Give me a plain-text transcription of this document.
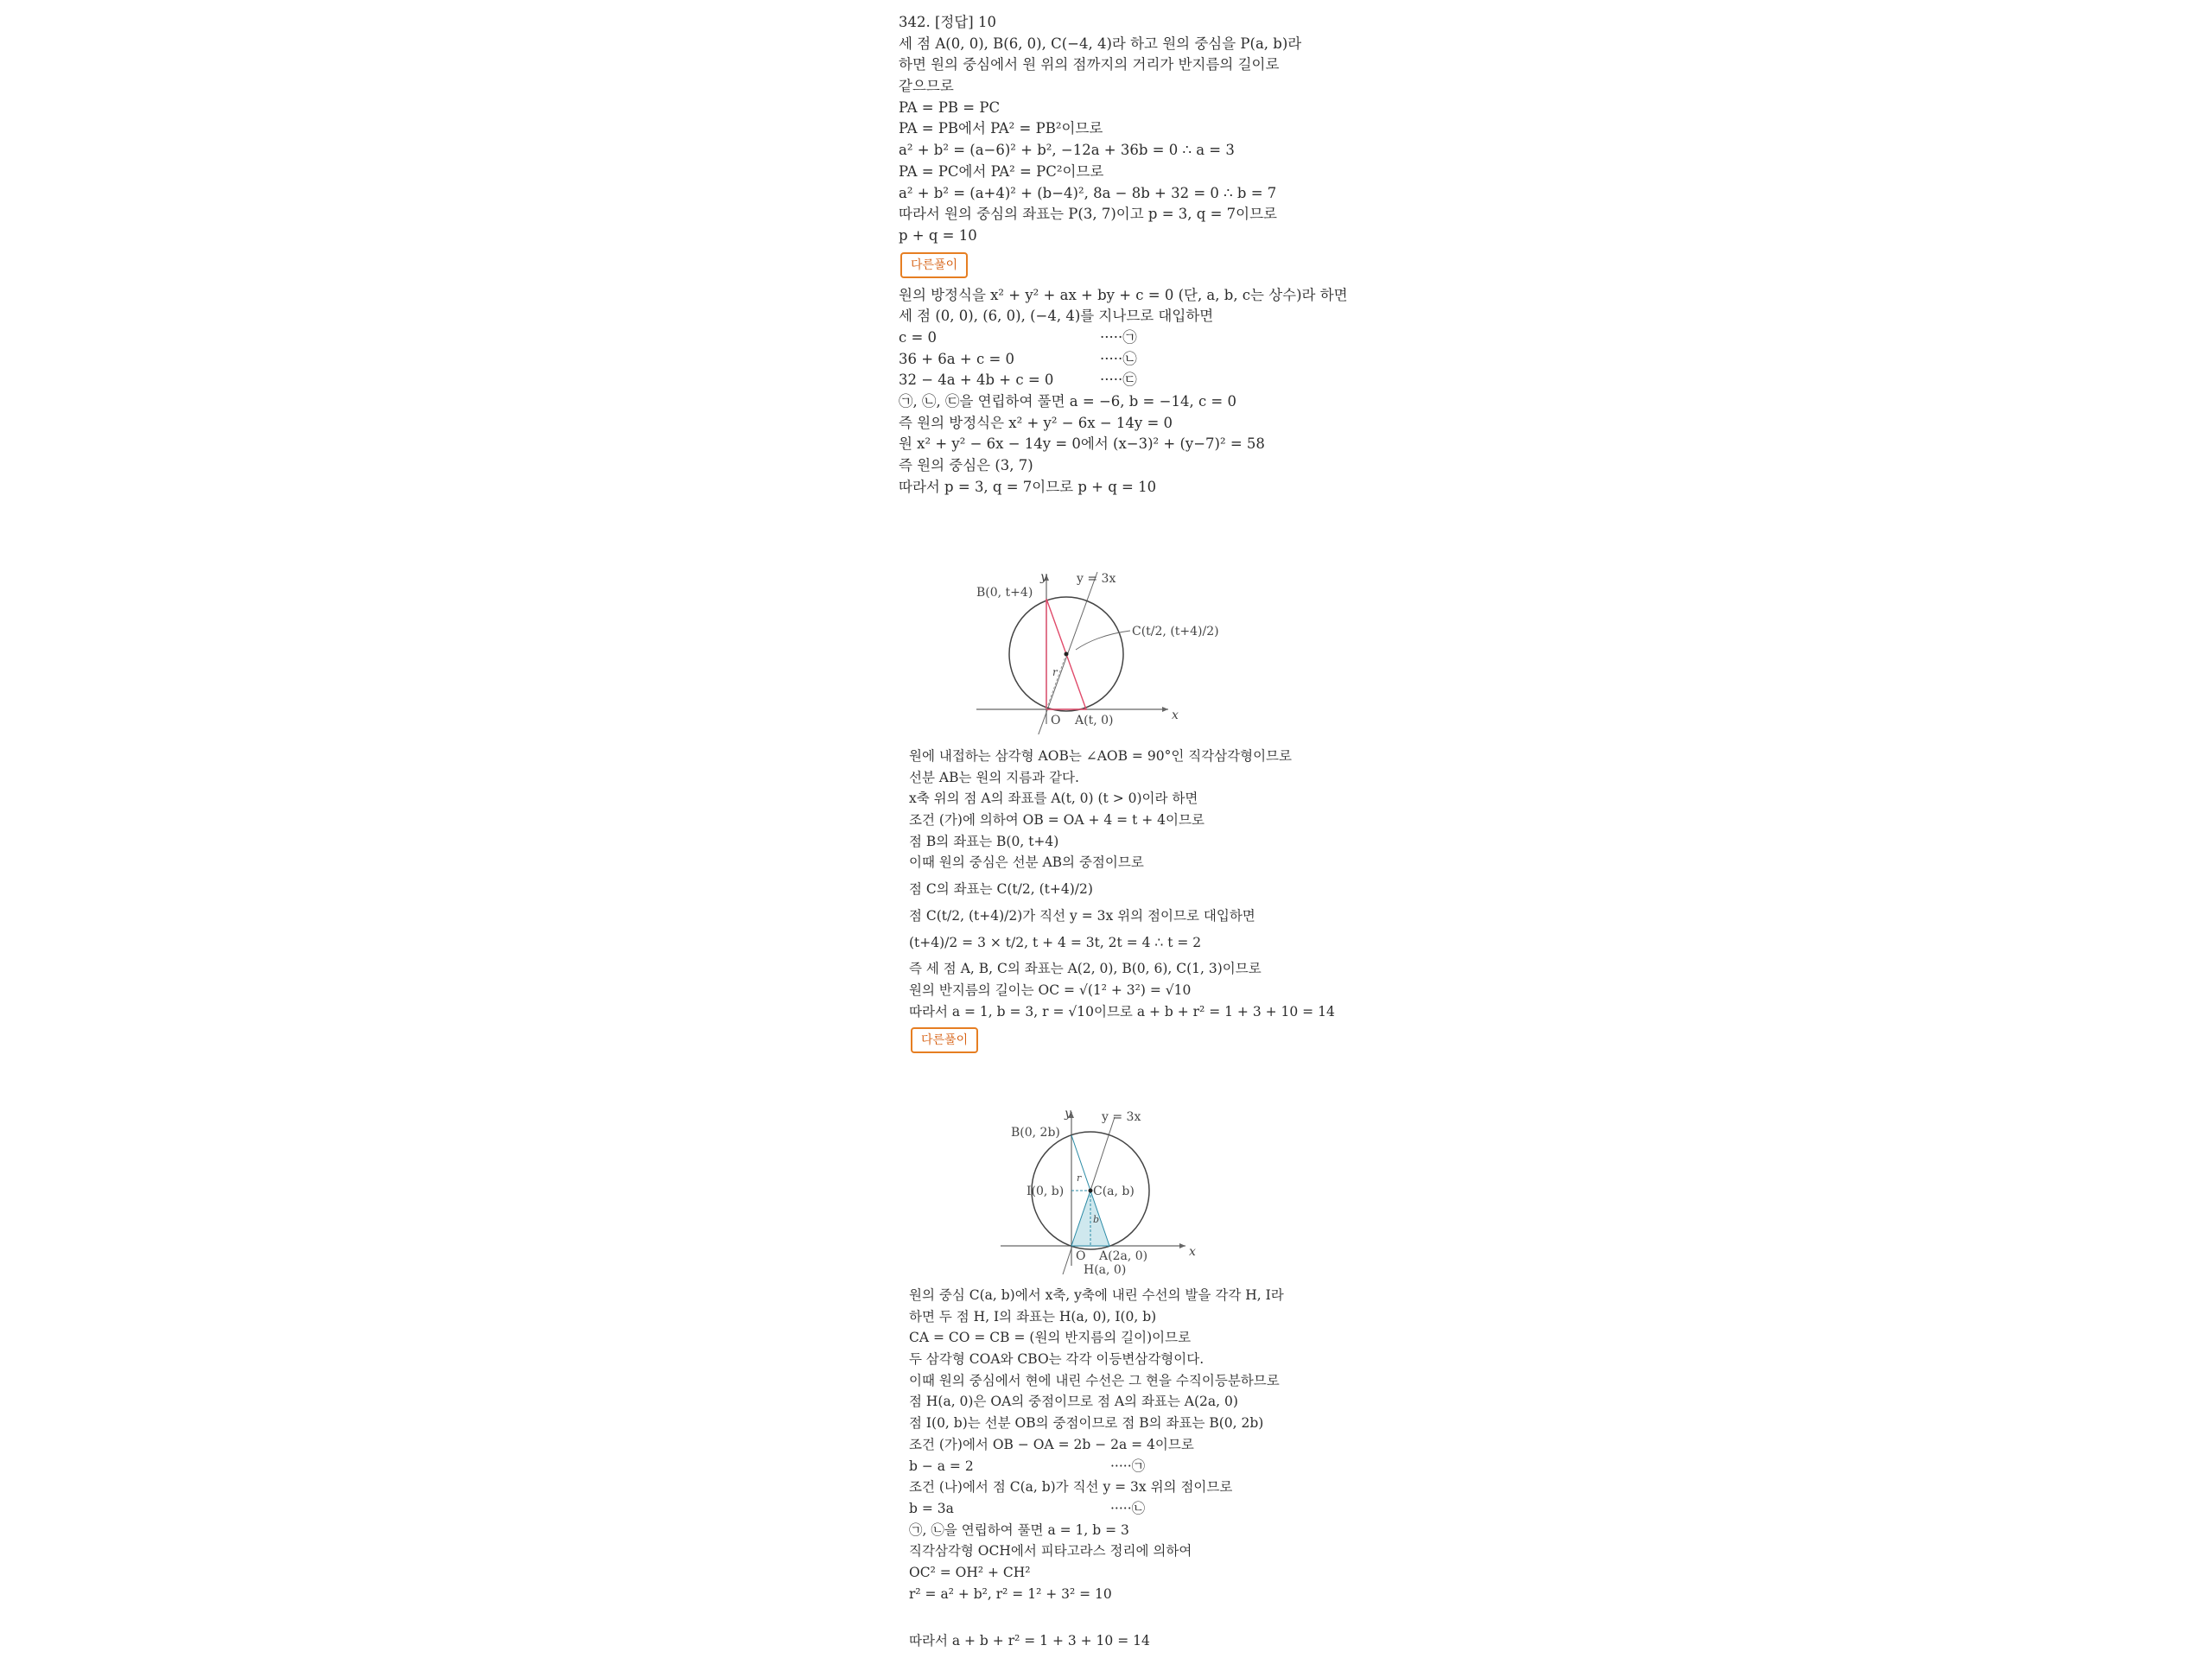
342. [정답] 10
세 점 A(0, 0), B(6, 0), C(−4, 4)라 하고 원의 중심을 P(a, b)라
하면 원의 중심에서 원 위의 점까지의 거리가 반지름의 길이로
같으므로
PA = PB = PC
PA = PB에서 PA² = PB²이므로
a² + b² = (a−6)² + b², −12a + 36b = 0 ∴ a = 3
PA = PC에서 PA² = PC²이므로
a² + b² = (a+4)² + (b−4)², 8a − 8b + 32 = 0 ∴ b = 7
따라서 원의 중심의 좌표는 P(3, 7)이고 p = 3, q = 7이므로
p + q = 10
다른풀이
원의 방정식을 x² + y² + ax + by + c = 0 (단, a, b, c는 상수)라 하면
세 점 (0, 0), (6, 0), (−4, 4)를 지나므로 대입하면
c = 0	·····㉠
36 + 6a + c = 0	·····㉡
32 − 4a + 4b + c = 0	·····㉢
㉠, ㉡, ㉢을 연립하여 풀면 a = −6, b = −14, c = 0
즉 원의 방정식은 x² + y² − 6x − 14y = 0
원 x² + y² − 6x − 14y = 0에서 (x−3)² + (y−7)² = 58
즉 원의 중심은 (3, 7)
따라서 p = 3, q = 7이므로 p + q = 10
y
x
y = 3x
B(0, t+4)
C(t/2, (t+4)/2)
O A(t, 0)
r
원에 내접하는 삼각형 AOB는 ∠AOB = 90°인 직각삼각형이므로
선분 AB는 원의 지름과 같다.
x축 위의 점 A의 좌표를 A(t, 0) (t > 0)이라 하면
조건 (가)에 의하여 OB = OA + 4 = t + 4이므로
점 B의 좌표는 B(0, t+4)
이때 원의 중심은 선분 AB의 중점이므로
점 C의 좌표는 C(t/2, (t+4)/2)
점 C(t/2, (t+4)/2)가 직선 y = 3x 위의 점이므로 대입하면
(t+4)/2 = 3 × t/2, t + 4 = 3t, 2t = 4 ∴ t = 2
즉 세 점 A, B, C의 좌표는 A(2, 0), B(0, 6), C(1, 3)이므로
원의 반지름의 길이는 OC = √(1² + 3²) = √10
따라서 a = 1, b = 3, r = √10이므로 a + b + r² = 1 + 3 + 10 = 14
다른풀이
y
x
y = 3x
B(0, 2b)
I(0, b) C(a, b)
O A(2a, 0)
H(a, 0)
r
b
원의 중심 C(a, b)에서 x축, y축에 내린 수선의 발을 각각 H, I라
하면 두 점 H, I의 좌표는 H(a, 0), I(0, b)
CA = CO = CB = (원의 반지름의 길이)이므로
두 삼각형 COA와 CBO는 각각 이등변삼각형이다.
이때 원의 중심에서 현에 내린 수선은 그 현을 수직이등분하므로
점 H(a, 0)은 OA의 중점이므로 점 A의 좌표는 A(2a, 0)
점 I(0, b)는 선분 OB의 중점이므로 점 B의 좌표는 B(0, 2b)
조건 (가)에서 OB − OA = 2b − 2a = 4이므로
b − a = 2	·····㉠
조건 (나)에서 점 C(a, b)가 직선 y = 3x 위의 점이므로
b = 3a	·····㉡
㉠, ㉡을 연립하여 풀면 a = 1, b = 3
직각삼각형 OCH에서 피타고라스 정리에 의하여
OC² = OH² + CH²
r² = a² + b², r² = 1² + 3² = 10
따라서 a + b + r² = 1 + 3 + 10 = 14
